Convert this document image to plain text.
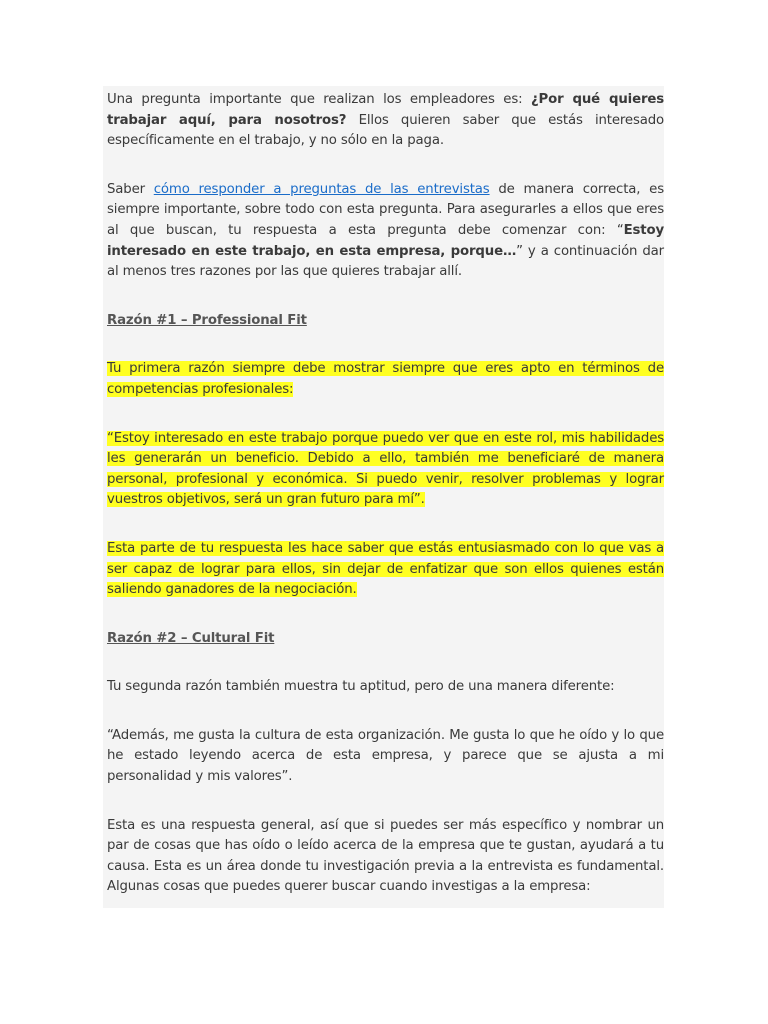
Una pregunta importante que realizan los empleadores es: ¿Por qué quieres trabajar aquí, para nosotros? Ellos quieren saber que estás interesado específicamente en el trabajo, y no sólo en la paga.

Saber cómo responder a preguntas de las entrevistas de manera correcta, es siempre importante, sobre todo con esta pregunta. Para asegurarles a ellos que eres al que buscan, tu respuesta a esta pregunta debe comenzar con: “Estoy interesado en este trabajo, en esta empresa, porque…” y a continuación dar al menos tres razones por las que quieres trabajar allí.

Razón #1 – Professional Fit

Tu primera razón siempre debe mostrar siempre que eres apto en términos de competencias profesionales:

“Estoy interesado en este trabajo porque puedo ver que en este rol, mis habilidades les generarán un beneficio. Debido a ello, también me beneficiaré de manera personal, profesional y económica. Si puedo venir, resolver problemas y lograr vuestros objetivos, será un gran futuro para mí”.

Esta parte de tu respuesta les hace saber que estás entusiasmado con lo que vas a ser capaz de lograr para ellos, sin dejar de enfatizar que son ellos quienes están saliendo ganadores de la negociación.

Razón #2 – Cultural Fit

Tu segunda razón también muestra tu aptitud, pero de una manera diferente:

“Además, me gusta la cultura de esta organización. Me gusta lo que he oído y lo que he estado leyendo acerca de esta empresa, y parece que se ajusta a mi personalidad y mis valores”.

Esta es una respuesta general, así que si puedes ser más específico y nombrar un par de cosas que has oído o leído acerca de la empresa que te gustan, ayudará a tu causa. Esta es un área donde tu investigación previa a la entrevista es fundamental. Algunas cosas que puedes querer buscar cuando investigas a la empresa:
